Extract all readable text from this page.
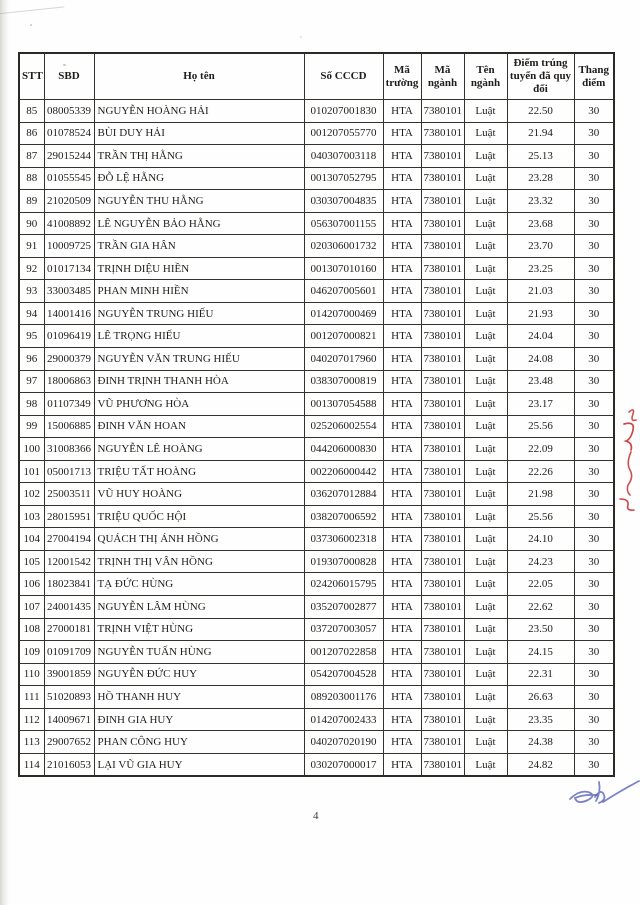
STT	SBD	Họ tên	Số CCCD	Mã trường	Mã ngành	Tên ngành	Điểm trúng tuyển đã quy đổi	Thang điểm
85	08005339	NGUYỄN HOÀNG HẢI	010207001830	HTA	7380101	Luật	22.50	30
86	01078524	BÙI DUY HẢI	001207055770	HTA	7380101	Luật	21.94	30
87	29015244	TRẦN THỊ HẰNG	040307003118	HTA	7380101	Luật	25.13	30
88	01055545	ĐỖ LỆ HẰNG	001307052795	HTA	7380101	Luật	23.28	30
89	21020509	NGUYỄN THU HẰNG	030307004835	HTA	7380101	Luật	23.32	30
90	41008892	LÊ NGUYỄN BẢO HẰNG	056307001155	HTA	7380101	Luật	23.68	30
91	10009725	TRẦN GIA HÂN	020306001732	HTA	7380101	Luật	23.70	30
92	01017134	TRỊNH DIỆU HIỀN	001307010160	HTA	7380101	Luật	23.25	30
93	33003485	PHAN MINH HIỀN	046207005601	HTA	7380101	Luật	21.03	30
94	14001416	NGUYỄN TRUNG HIẾU	014207000469	HTA	7380101	Luật	21.93	30
95	01096419	LÊ TRỌNG HIẾU	001207000821	HTA	7380101	Luật	24.04	30
96	29000379	NGUYỄN VĂN TRUNG HIẾU	040207017960	HTA	7380101	Luật	24.08	30
97	18006863	ĐINH TRỊNH THANH HÒA	038307000819	HTA	7380101	Luật	23.48	30
98	01107349	VŨ PHƯƠNG HÒA	001307054588	HTA	7380101	Luật	23.17	30
99	15006885	ĐINH VĂN HOAN	025206002554	HTA	7380101	Luật	25.56	30
100	31008366	NGUYỄN LÊ HOÀNG	044206000830	HTA	7380101	Luật	22.09	30
101	05001713	TRIỆU TẤT HOÀNG	002206000442	HTA	7380101	Luật	22.26	30
102	25003511	VŨ HUY HOÀNG	036207012884	HTA	7380101	Luật	21.98	30
103	28015951	TRIỆU QUỐC HỘI	038207006592	HTA	7380101	Luật	25.56	30
104	27004194	QUÁCH THỊ ÁNH HỒNG	037306002318	HTA	7380101	Luật	24.10	30
105	12001542	TRỊNH THỊ VÂN HỒNG	019307000828	HTA	7380101	Luật	24.23	30
106	18023841	TẠ ĐỨC HÙNG	024206015795	HTA	7380101	Luật	22.05	30
107	24001435	NGUYỄN LÂM HÙNG	035207002877	HTA	7380101	Luật	22.62	30
108	27000181	TRỊNH VIỆT HÙNG	037207003057	HTA	7380101	Luật	23.50	30
109	01091709	NGUYỄN TUẤN HÙNG	001207022858	HTA	7380101	Luật	24.15	30
110	39001859	NGUYỄN ĐỨC HUY	054207004528	HTA	7380101	Luật	22.31	30
111	51020893	HỒ THANH HUY	089203001176	HTA	7380101	Luật	26.63	30
112	14009671	ĐINH GIA HUY	014207002433	HTA	7380101	Luật	23.35	30
113	29007652	PHAN CÔNG HUY	040207020190	HTA	7380101	Luật	24.38	30
114	21016053	LẠI VŨ GIA HUY	030207000017	HTA	7380101	Luật	24.82	30
4
